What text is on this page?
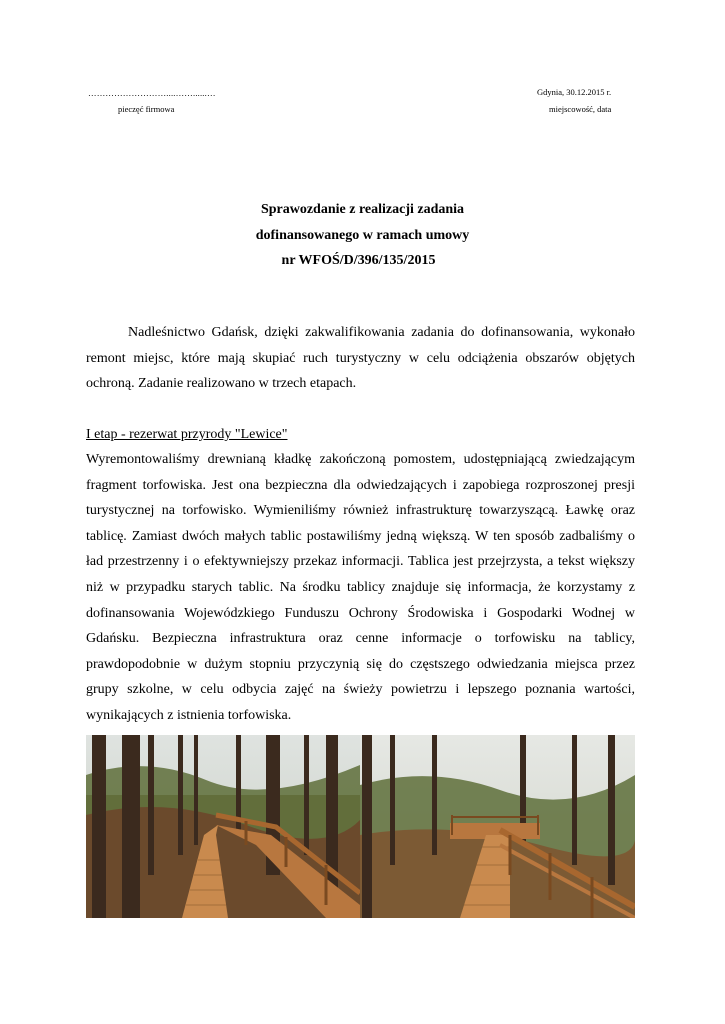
………………………....……......…
pieczęć firmowa
Gdynia, 30.12.2015 r.
miejscowość, data
Sprawozdanie z realizacji zadania
dofinansowanego w ramach umowy
nr WFOŚ/D/396/135/2015
Nadleśnictwo Gdańsk, dzięki zakwalifikowania zadania do dofinansowania, wykonało remont miejsc, które mają skupiać ruch turystyczny w celu odciążenia obszarów objętych ochroną. Zadanie realizowano w trzech etapach.
I etap - rezerwat przyrody "Lewice"
Wyremontowaliśmy drewnianą kładkę zakończoną pomostem, udostępniającą zwiedzającym fragment torfowiska. Jest ona bezpieczna dla odwiedzających i zapobiega rozproszonej presji turystycznej na torfowisko. Wymieniliśmy również infrastrukturę towarzyszącą. Ławkę oraz tablicę. Zamiast dwóch małych tablic postawiliśmy jedną większą. W ten sposób zadbaliśmy o ład przestrzenny i o efektywniejszy przekaz informacji. Tablica jest przejrzysta, a tekst większy niż w przypadku starych tablic. Na środku tablicy znajduje się informacja, że korzystamy z dofinansowania Wojewódzkiego Funduszu Ochrony Środowiska i Gospodarki Wodnej w Gdańsku. Bezpieczna infrastruktura oraz cenne informacje o torfowisku na tablicy, prawdopodobnie w dużym stopniu przyczynią się do częstszego odwiedzania miejsca przez grupy szkolne, w celu odbycia zajęć na świeży powietrzu i lepszego poznania wartości, wynikających z istnienia torfowiska.
